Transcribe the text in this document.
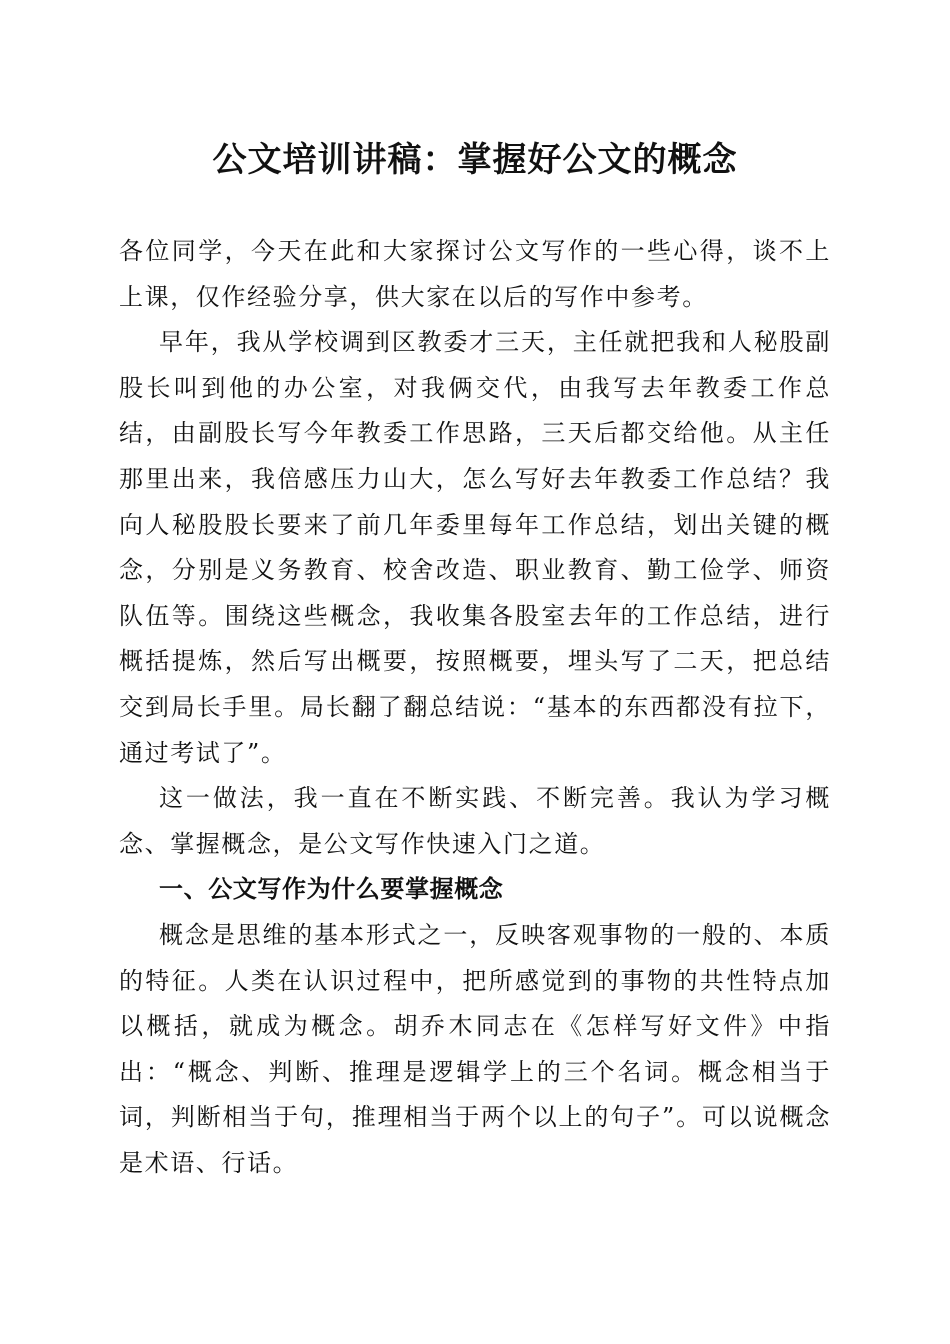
公文培训讲稿：掌握好公文的概念

各位同学，今天在此和大家探讨公文写作的一些心得，谈不上上课，仅作经验分享，供大家在以后的写作中参考。

早年，我从学校调到区教委才三天，主任就把我和人秘股副股长叫到他的办公室，对我俩交代，由我写去年教委工作总结，由副股长写今年教委工作思路，三天后都交给他。从主任那里出来，我倍感压力山大，怎么写好去年教委工作总结？我向人秘股股长要来了前几年委里每年工作总结，划出关键的概念，分别是义务教育、校舍改造、职业教育、勤工俭学、师资队伍等。围绕这些概念，我收集各股室去年的工作总结，进行概括提炼，然后写出概要，按照概要，埋头写了二天，把总结交到局长手里。局长翻了翻总结说：“基本的东西都没有拉下，通过考试了”。

这一做法，我一直在不断实践、不断完善。我认为学习概念、掌握概念，是公文写作快速入门之道。

一、公文写作为什么要掌握概念

概念是思维的基本形式之一，反映客观事物的一般的、本质的特征。人类在认识过程中，把所感觉到的事物的共性特点加以概括，就成为概念。胡乔木同志在《怎样写好文件》中指出：“概念、判断、推理是逻辑学上的三个名词。概念相当于词，判断相当于句，推理相当于两个以上的句子”。可以说概念是术语、行话。
